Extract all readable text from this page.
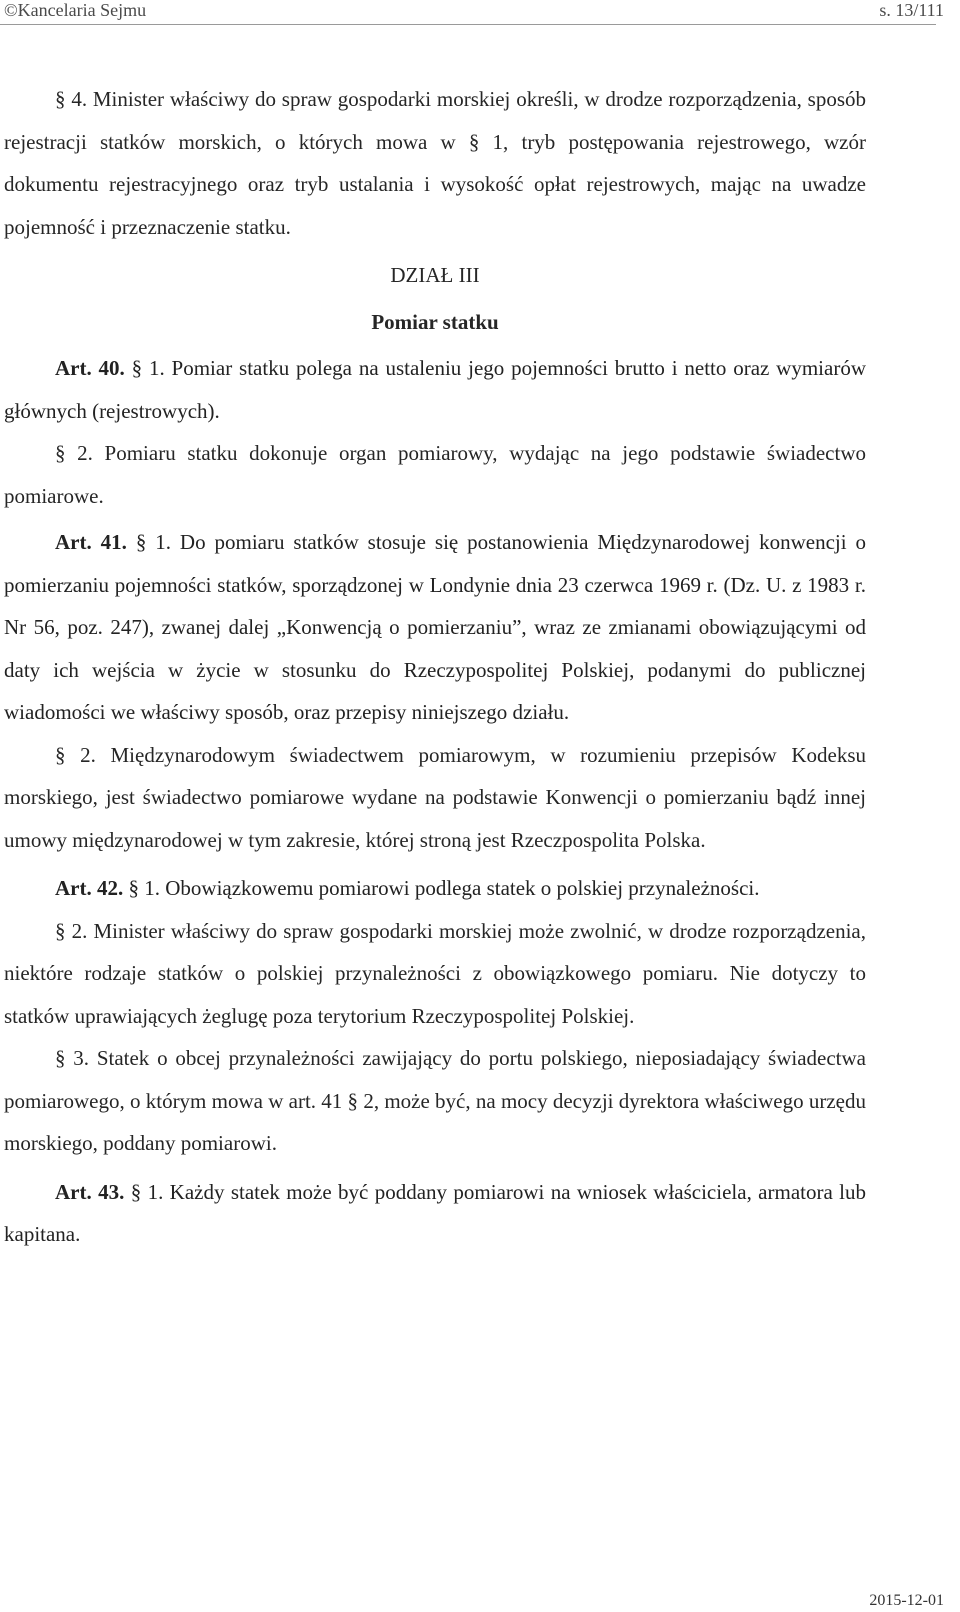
©Kancelaria Sejmu	s. 13/111

§ 4. Minister właściwy do spraw gospodarki morskiej określi, w drodze rozporządzenia, sposób rejestracji statków morskich, o których mowa w § 1, tryb postępowania rejestrowego, wzór dokumentu rejestracyjnego oraz tryb ustalania i wysokość opłat rejestrowych, mając na uwadze pojemność i przeznaczenie statku.

DZIAŁ III

Pomiar statku

Art. 40. § 1. Pomiar statku polega na ustaleniu jego pojemności brutto i netto oraz wymiarów głównych (rejestrowych).

§ 2. Pomiaru statku dokonuje organ pomiarowy, wydając na jego podstawie świadectwo pomiarowe.

Art. 41. § 1. Do pomiaru statków stosuje się postanowienia Międzynarodowej konwencji o pomierzaniu pojemności statków, sporządzonej w Londynie dnia 23 czerwca 1969 r. (Dz. U. z 1983 r. Nr 56, poz. 247), zwanej dalej „Konwencją o pomierzaniu”, wraz ze zmianami obowiązującymi od daty ich wejścia w życie w stosunku do Rzeczypospolitej Polskiej, podanymi do publicznej wiadomości we właściwy sposób, oraz przepisy niniejszego działu.

§ 2. Międzynarodowym świadectwem pomiarowym, w rozumieniu przepisów Kodeksu morskiego, jest świadectwo pomiarowe wydane na podstawie Konwencji o pomierzaniu bądź innej umowy międzynarodowej w tym zakresie, której stroną jest Rzeczpospolita Polska.

Art. 42. § 1. Obowiązkowemu pomiarowi podlega statek o polskiej przynależności.

§ 2. Minister właściwy do spraw gospodarki morskiej może zwolnić, w drodze rozporządzenia, niektóre rodzaje statków o polskiej przynależności z obowiązkowego pomiaru. Nie dotyczy to statków uprawiających żeglugę poza terytorium Rzeczypospolitej Polskiej.

§ 3. Statek o obcej przynależności zawijający do portu polskiego, nieposiadający świadectwa pomiarowego, o którym mowa w art. 41 § 2, może być, na mocy decyzji dyrektora właściwego urzędu morskiego, poddany pomiarowi.

Art. 43. § 1. Każdy statek może być poddany pomiarowi na wniosek właściciela, armatora lub kapitana.

2015-12-01
